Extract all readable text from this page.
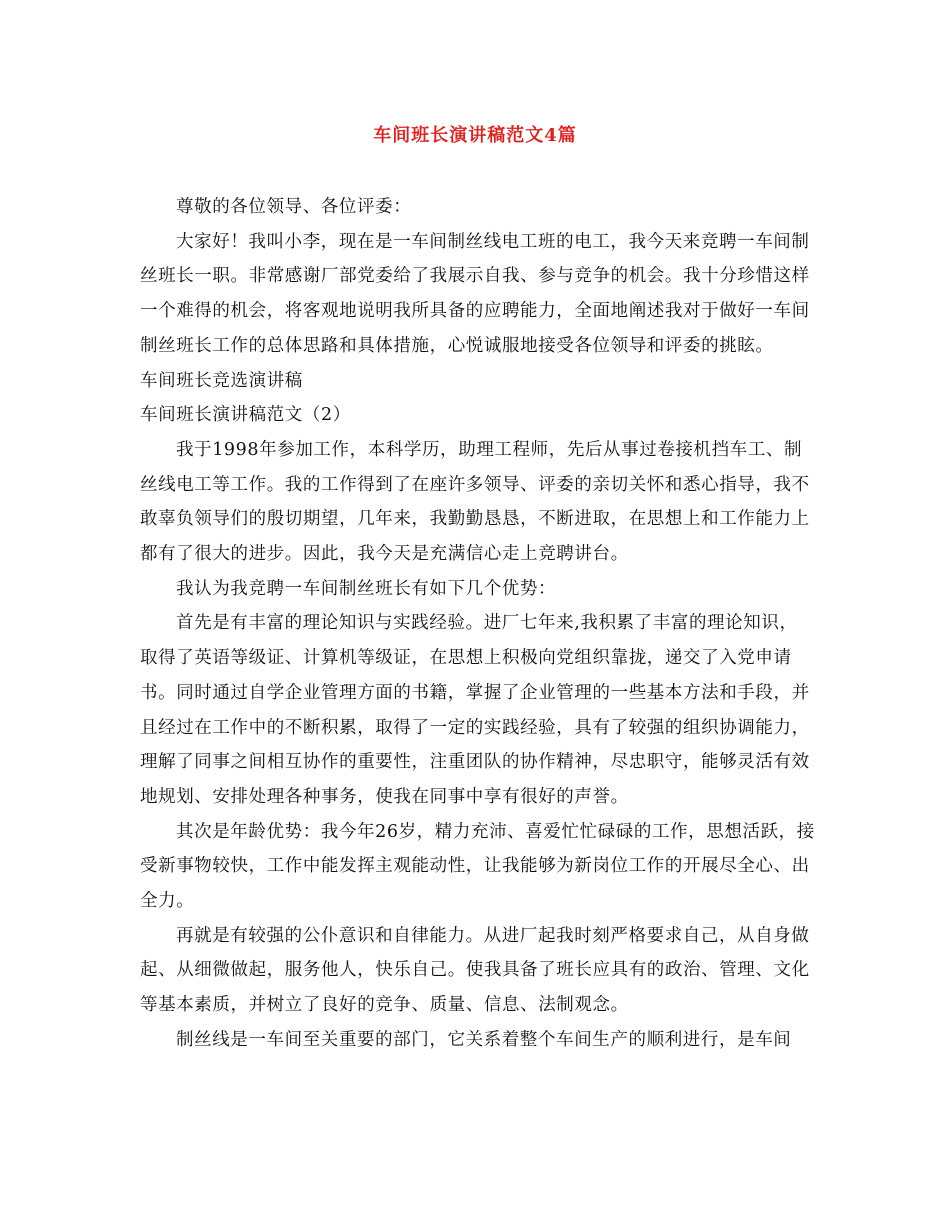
车间班长演讲稿范文4篇

尊敬的各位领导、各位评委：

大家好！我叫小李，现在是一车间制丝线电工班的电工，我今天来竞聘一车间制丝班长一职。非常感谢厂部党委给了我展示自我、参与竞争的机会。我十分珍惜这样一个难得的机会，将客观地说明我所具备的应聘能力，全面地阐述我对于做好一车间制丝班长工作的总体思路和具体措施，心悦诚服地接受各位领导和评委的挑眩。

车间班长竞选演讲稿

车间班长演讲稿范文（2）

我于1998年参加工作，本科学历，助理工程师，先后从事过卷接机挡车工、制丝线电工等工作。我的工作得到了在座许多领导、评委的亲切关怀和悉心指导，我不敢辜负领导们的殷切期望，几年来，我勤勤恳恳，不断进取，在思想上和工作能力上都有了很大的进步。因此，我今天是充满信心走上竞聘讲台。

我认为我竞聘一车间制丝班长有如下几个优势：

首先是有丰富的理论知识与实践经验。进厂七年来,我积累了丰富的理论知识，取得了英语等级证、计算机等级证，在思想上积极向党组织靠拢，递交了入党申请书。同时通过自学企业管理方面的书籍，掌握了企业管理的一些基本方法和手段，并且经过在工作中的不断积累，取得了一定的实践经验，具有了较强的组织协调能力，理解了同事之间相互协作的重要性，注重团队的协作精神，尽忠职守，能够灵活有效地规划、安排处理各种事务，使我在同事中享有很好的声誉。

其次是年龄优势：我今年26岁，精力充沛、喜爱忙忙碌碌的工作，思想活跃，接受新事物较快，工作中能发挥主观能动性，让我能够为新岗位工作的开展尽全心、出全力。

再就是有较强的公仆意识和自律能力。从进厂起我时刻严格要求自己，从自身做起、从细微做起，服务他人，快乐自己。使我具备了班长应具有的政治、管理、文化等基本素质，并树立了良好的竞争、质量、信息、法制观念。

制丝线是一车间至关重要的部门，它关系着整个车间生产的顺利进行，是车间
